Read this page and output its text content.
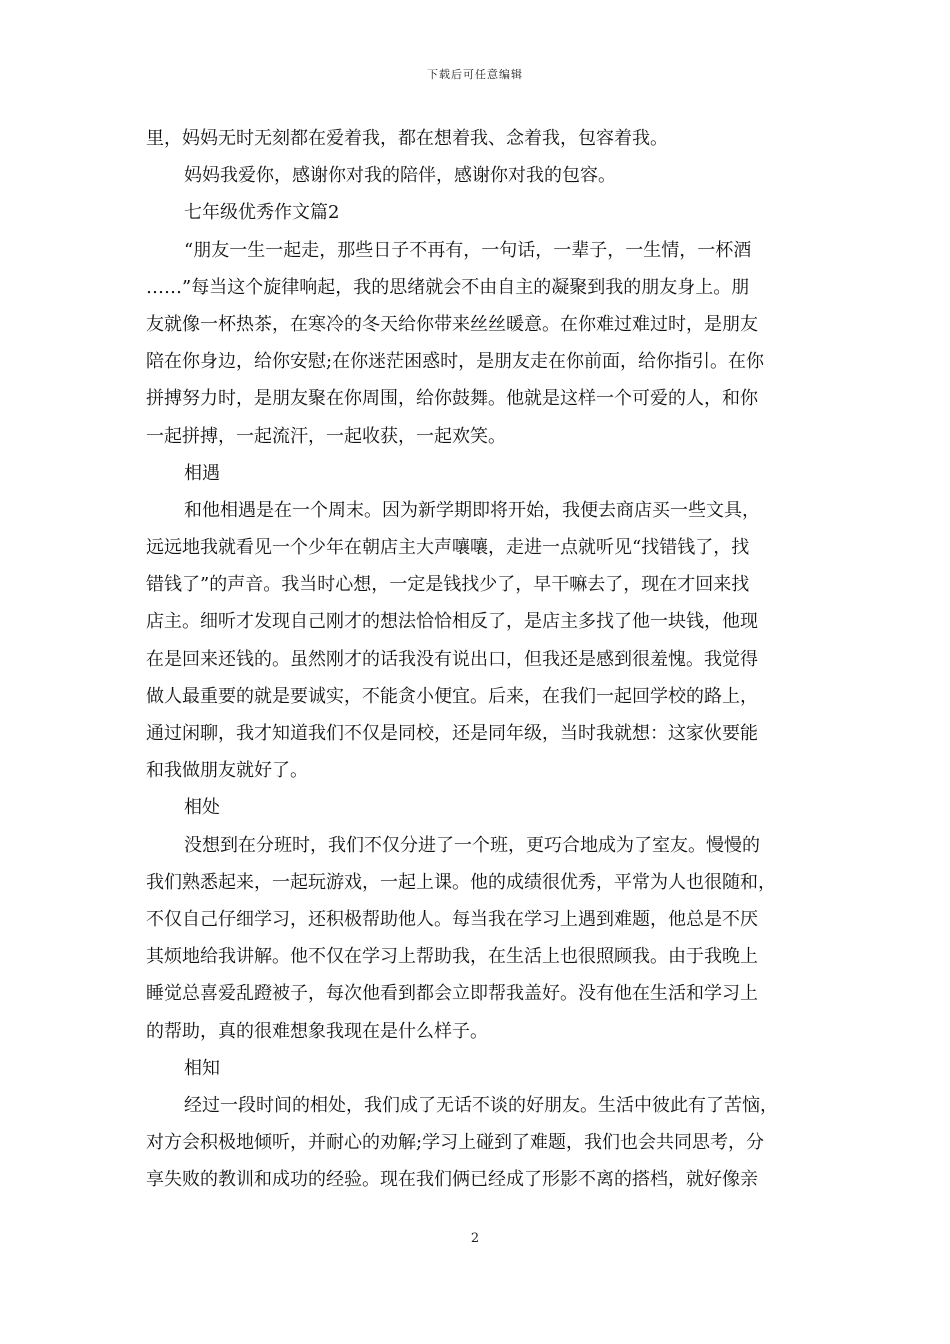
下载后可任意编辑
里，妈妈无时无刻都在爱着我，都在想着我、念着我，包容着我。
妈妈我爱你，感谢你对我的陪伴，感谢你对我的包容。
七年级优秀作文篇2
“朋友一生一起走，那些日子不再有，一句话，一辈子，一生情，一杯酒
……”每当这个旋律响起，我的思绪就会不由自主的凝聚到我的朋友身上。朋
友就像一杯热茶，在寒冷的冬天给你带来丝丝暖意。在你难过难过时，是朋友
陪在你身边，给你安慰;在你迷茫困惑时，是朋友走在你前面，给你指引。在你
拼搏努力时，是朋友聚在你周围，给你鼓舞。他就是这样一个可爱的人，和你
一起拼搏，一起流汗，一起收获，一起欢笑。
相遇
和他相遇是在一个周末。因为新学期即将开始，我便去商店买一些文具，
远远地我就看见一个少年在朝店主大声嚷嚷，走进一点就听见“找错钱了，找
错钱了”的声音。我当时心想，一定是钱找少了，早干嘛去了，现在才回来找
店主。细听才发现自己刚才的想法恰恰相反了，是店主多找了他一块钱，他现
在是回来还钱的。虽然刚才的话我没有说出口，但我还是感到很羞愧。我觉得
做人最重要的就是要诚实，不能贪小便宜。后来，在我们一起回学校的路上，
通过闲聊，我才知道我们不仅是同校，还是同年级，当时我就想：这家伙要能
和我做朋友就好了。
相处
没想到在分班时，我们不仅分进了一个班，更巧合地成为了室友。慢慢的
我们熟悉起来，一起玩游戏，一起上课。他的成绩很优秀，平常为人也很随和，
不仅自己仔细学习，还积极帮助他人。每当我在学习上遇到难题，他总是不厌
其烦地给我讲解。他不仅在学习上帮助我，在生活上也很照顾我。由于我晚上
睡觉总喜爱乱蹬被子，每次他看到都会立即帮我盖好。没有他在生活和学习上
的帮助，真的很难想象我现在是什么样子。
相知
经过一段时间的相处，我们成了无话不谈的好朋友。生活中彼此有了苦恼，
对方会积极地倾听，并耐心的劝解;学习上碰到了难题，我们也会共同思考，分
享失败的教训和成功的经验。现在我们俩已经成了形影不离的搭档，就好像亲
2
